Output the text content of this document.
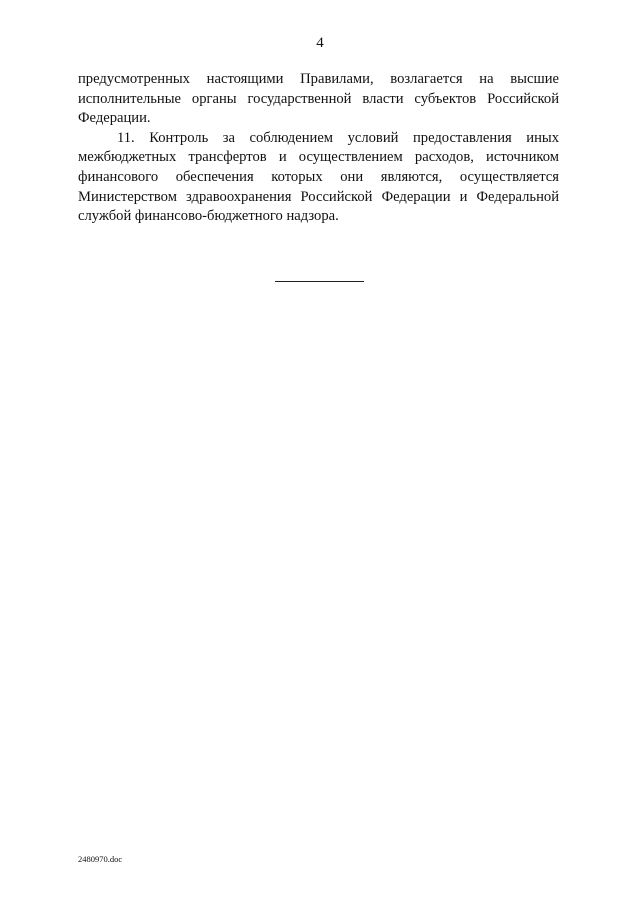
4

предусмотренных настоящими Правилами, возлагается на высшие исполнительные органы государственной власти субъектов Российской Федерации.

11. Контроль за соблюдением условий предоставления иных межбюджетных трансфертов и осуществлением расходов, источником финансового обеспечения которых они являются, осуществляется Министерством здравоохранения Российской Федерации и Федеральной службой финансово-бюджетного надзора.

2480970.doc
